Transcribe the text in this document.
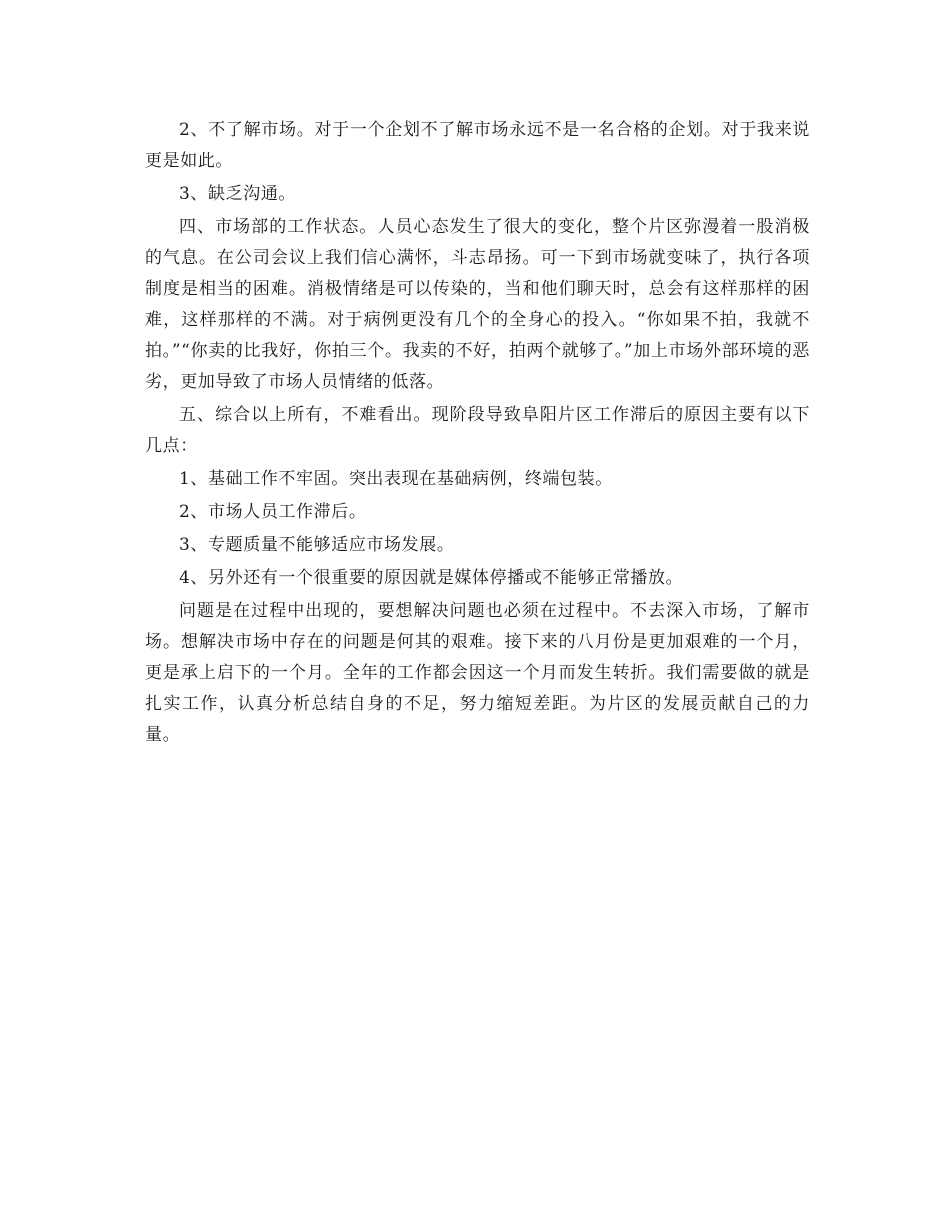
2、不了解市场。对于一个企划不了解市场永远不是一名合格的企划。对于我来说更是如此。

3、缺乏沟通。

四、市场部的工作状态。人员心态发生了很大的变化，整个片区弥漫着一股消极的气息。在公司会议上我们信心满怀，斗志昂扬。可一下到市场就变味了，执行各项制度是相当的困难。消极情绪是可以传染的，当和他们聊天时，总会有这样那样的困难，这样那样的不满。对于病例更没有几个的全身心的投入。“你如果不拍，我就不拍。”“你卖的比我好，你拍三个。我卖的不好，拍两个就够了。”加上市场外部环境的恶劣，更加导致了市场人员情绪的低落。

五、综合以上所有，不难看出。现阶段导致阜阳片区工作滞后的原因主要有以下几点：

1、基础工作不牢固。突出表现在基础病例，终端包装。

2、市场人员工作滞后。

3、专题质量不能够适应市场发展。

4、另外还有一个很重要的原因就是媒体停播或不能够正常播放。

问题是在过程中出现的，要想解决问题也必须在过程中。不去深入市场，了解市场。想解决市场中存在的问题是何其的艰难。接下来的八月份是更加艰难的一个月，更是承上启下的一个月。全年的工作都会因这一个月而发生转折。我们需要做的就是扎实工作，认真分析总结自身的不足，努力缩短差距。为片区的发展贡献自己的力量。
